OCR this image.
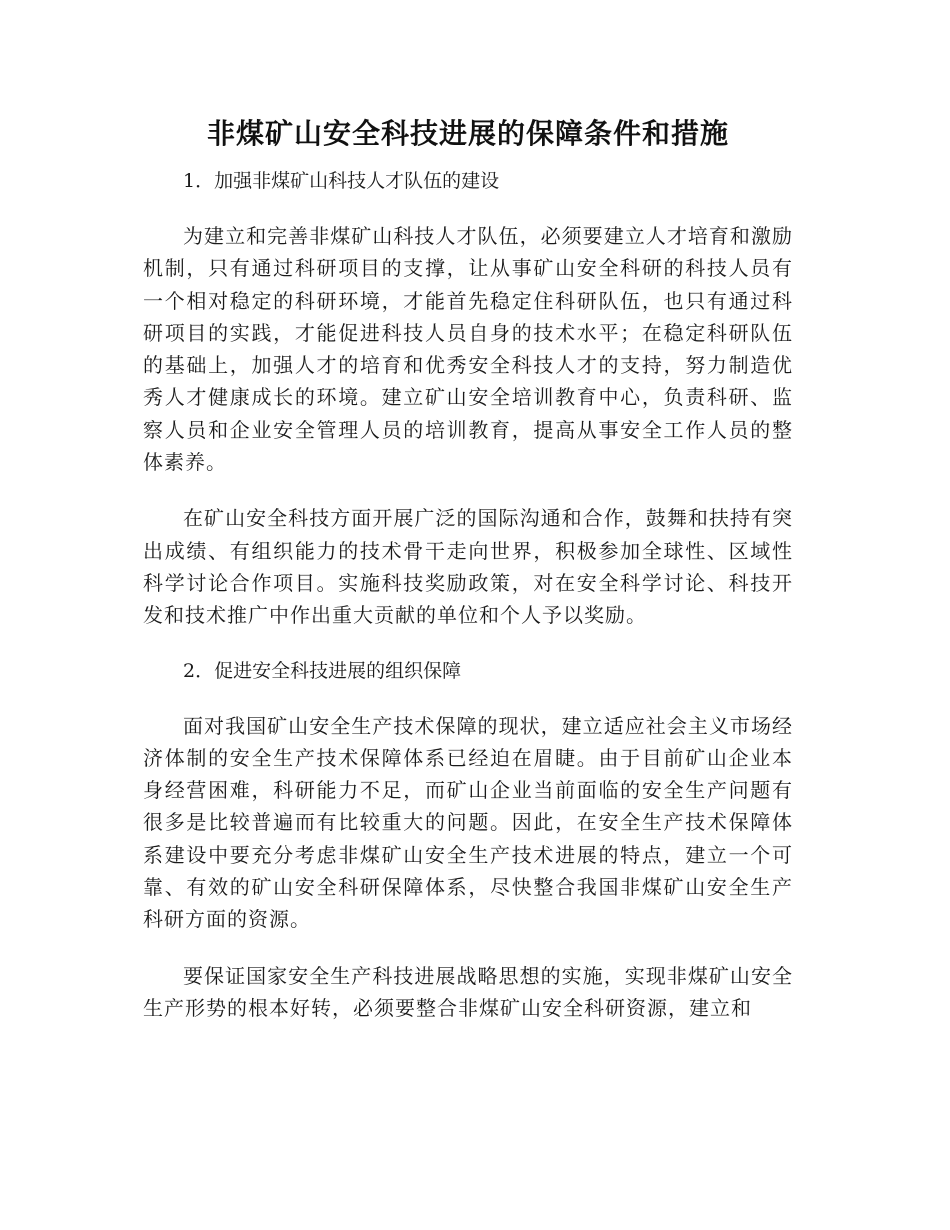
非煤矿山安全科技进展的保障条件和措施

1．加强非煤矿山科技人才队伍的建设

为建立和完善非煤矿山科技人才队伍，必须要建立人才培育和激励机制，只有通过科研项目的支撑，让从事矿山安全科研的科技人员有一个相对稳定的科研环境，才能首先稳定住科研队伍，也只有通过科研项目的实践，才能促进科技人员自身的技术水平；在稳定科研队伍的基础上，加强人才的培育和优秀安全科技人才的支持，努力制造优秀人才健康成长的环境。建立矿山安全培训教育中心，负责科研、监察人员和企业安全管理人员的培训教育，提高从事安全工作人员的整体素养。

在矿山安全科技方面开展广泛的国际沟通和合作，鼓舞和扶持有突出成绩、有组织能力的技术骨干走向世界，积极参加全球性、区域性科学讨论合作项目。实施科技奖励政策，对在安全科学讨论、科技开发和技术推广中作出重大贡献的单位和个人予以奖励。

2．促进安全科技进展的组织保障

面对我国矿山安全生产技术保障的现状，建立适应社会主义市场经济体制的安全生产技术保障体系已经迫在眉睫。由于目前矿山企业本身经营困难，科研能力不足，而矿山企业当前面临的安全生产问题有很多是比较普遍而有比较重大的问题。因此，在安全生产技术保障体系建设中要充分考虑非煤矿山安全生产技术进展的特点，建立一个可靠、有效的矿山安全科研保障体系，尽快整合我国非煤矿山安全生产科研方面的资源。

要保证国家安全生产科技进展战略思想的实施，实现非煤矿山安全生产形势的根本好转，必须要整合非煤矿山安全科研资源，建立和
